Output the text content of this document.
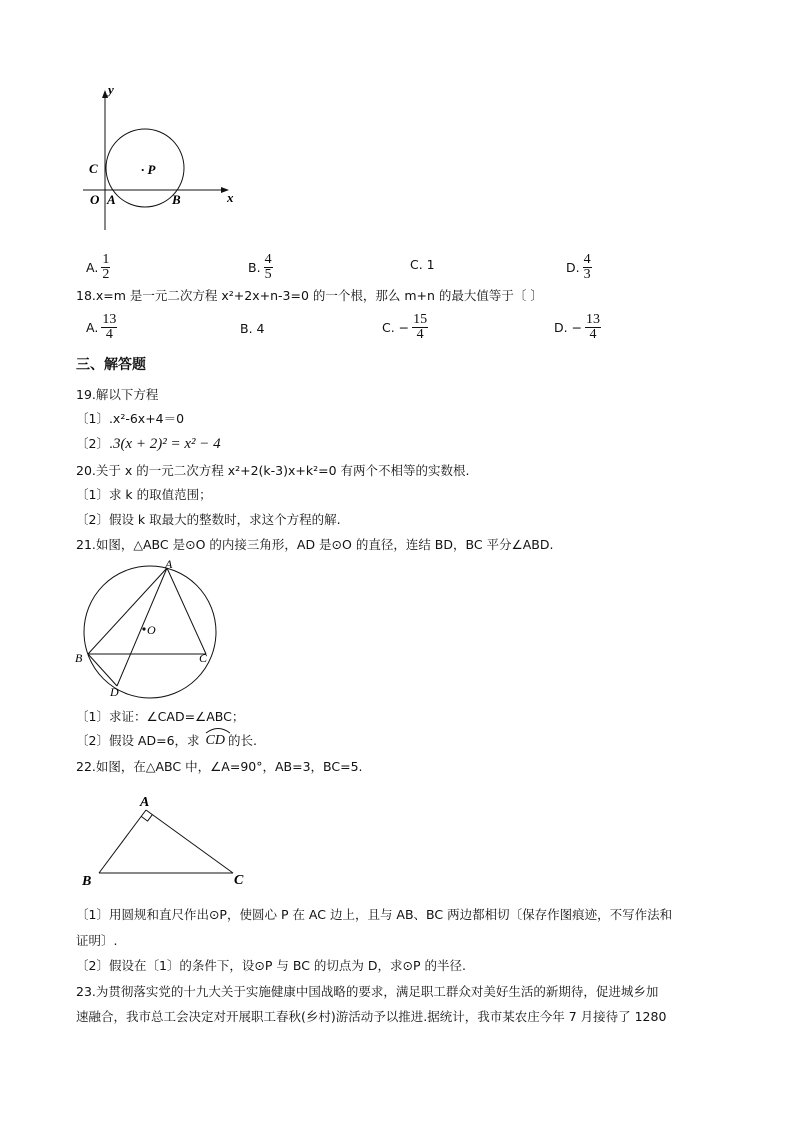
y
x
C	· P
O A	B
A. $\frac{1}{2}$	B. $\frac{4}{5}$	C. 1	D. $\frac{4}{3}$
18.x=m 是一元二次方程 x²+2x+n-3=0 的一个根，那么 m+n 的最大值等于〔 〕
A. $\frac{13}{4}$	B. 4	C. − $\frac{15}{4}$	D. − $\frac{13}{4}$
三、解答题
19.解以下方程
〔1〕.x²-6x+4＝0
〔2〕. 3(x + 2)² = x² − 4
20.关于 x 的一元二次方程 x²+2(k-3)x+k²=0 有两个不相等的实数根.
〔1〕求 k 的取值范围；
〔2〕假设 k 取最大的整数时，求这个方程的解.
21.如图，△ABC 是⊙O 的内接三角形，AD 是⊙O 的直径，连结 BD，BC 平分∠ABD.
A
O
B	C
D
〔1〕求证：∠CAD=∠ABC；
〔2〕假设 AD=6，求 CD 的长.
22.如图，在△ABC 中，∠A=90°，AB=3，BC=5.
A
B	C
〔1〕用圆规和直尺作出⊙P，使圆心 P 在 AC 边上，且与 AB、BC 两边都相切〔保存作图痕迹，不写作法和
证明〕.
〔2〕假设在〔1〕的条件下，设⊙P 与 BC 的切点为 D，求⊙P 的半径.
23.为贯彻落实党的十九大关于实施健康中国战略的要求，满足职工群众对美好生活的新期待，促进城乡加
速融合，我市总工会决定对开展职工春秋(乡村)游活动予以推进.据统计，我市某农庄今年 7 月接待了 1280
